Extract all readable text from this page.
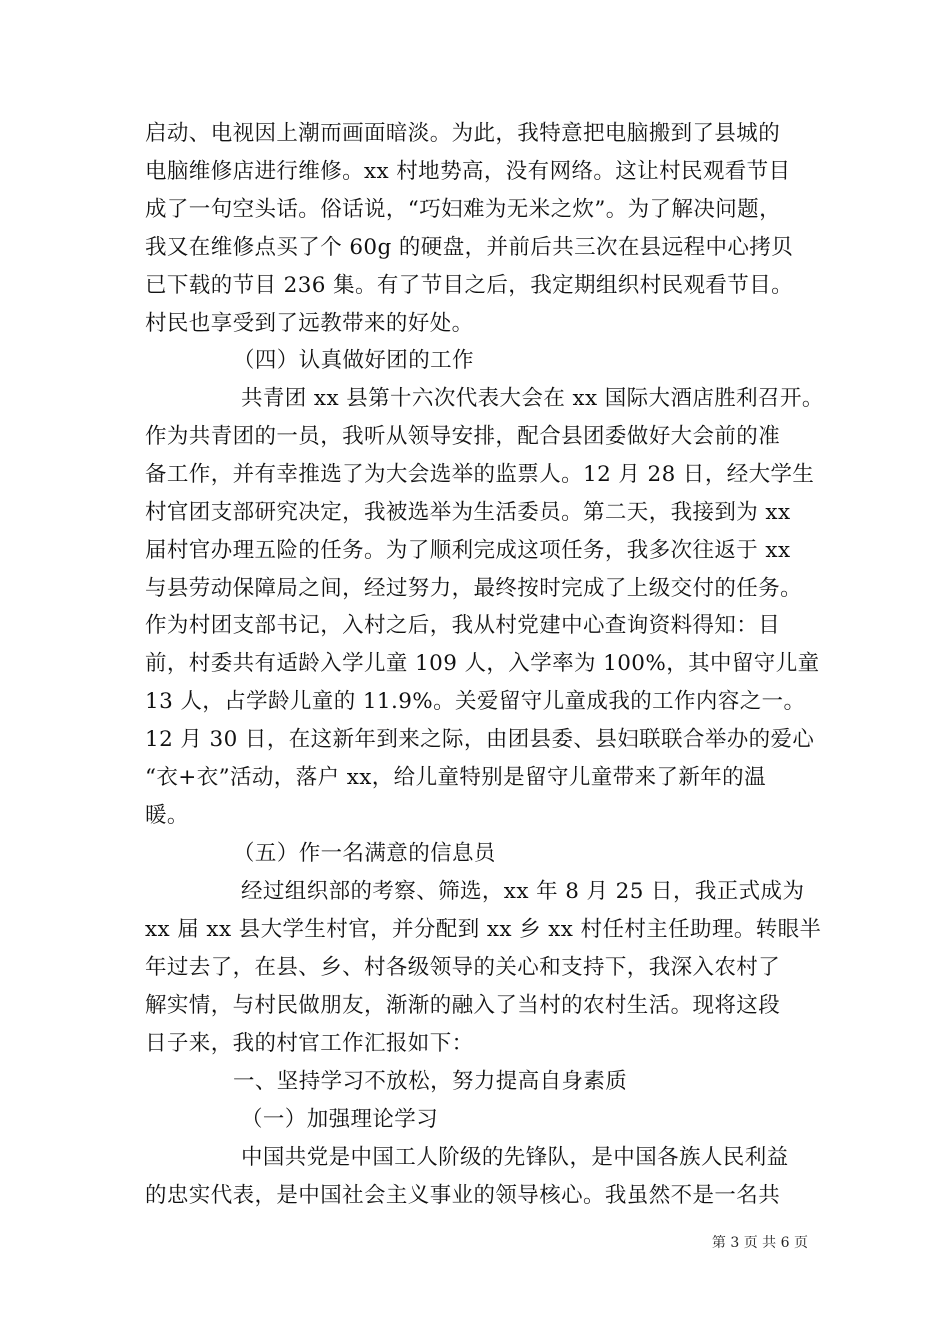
启动、电视因上潮而画面暗淡。为此，我特意把电脑搬到了县城的
电脑维修店进行维修。xx 村地势高，没有网络。这让村民观看节目
成了一句空头话。俗话说，“巧妇难为无米之炊”。为了解决问题，
我又在维修点买了个 60g 的硬盘，并前后共三次在县远程中心拷贝
已下载的节目 236 集。有了节目之后，我定期组织村民观看节目。
村民也享受到了远教带来的好处。
（四）认真做好团的工作
共青团 xx 县第十六次代表大会在 xx 国际大酒店胜利召开。
作为共青团的一员，我听从领导安排，配合县团委做好大会前的准
备工作，并有幸推选了为大会选举的监票人。12 月 28 日，经大学生
村官团支部研究决定，我被选举为生活委员。第二天，我接到为 xx
届村官办理五险的任务。为了顺利完成这项任务，我多次往返于 xx
与县劳动保障局之间，经过努力，最终按时完成了上级交付的任务。
作为村团支部书记，入村之后，我从村党建中心查询资料得知：目
前，村委共有适龄入学儿童 109 人，入学率为 100%，其中留守儿童
13 人，占学龄儿童的 11.9%。关爱留守儿童成我的工作内容之一。
12 月 30 日，在这新年到来之际，由团县委、县妇联联合举办的爱心
“衣+衣”活动，落户 xx，给儿童特别是留守儿童带来了新年的温
暖。
（五）作一名满意的信息员
经过组织部的考察、筛选，xx 年 8 月 25 日，我正式成为
xx 届 xx 县大学生村官，并分配到 xx 乡 xx 村任村主任助理。转眼半
年过去了，在县、乡、村各级领导的关心和支持下，我深入农村了
解实情，与村民做朋友，渐渐的融入了当村的农村生活。现将这段
日子来，我的村官工作汇报如下：
一、坚持学习不放松，努力提高自身素质
（一）加强理论学习
中国共党是中国工人阶级的先锋队，是中国各族人民利益
的忠实代表，是中国社会主义事业的领导核心。我虽然不是一名共
第 3 页 共 6 页
